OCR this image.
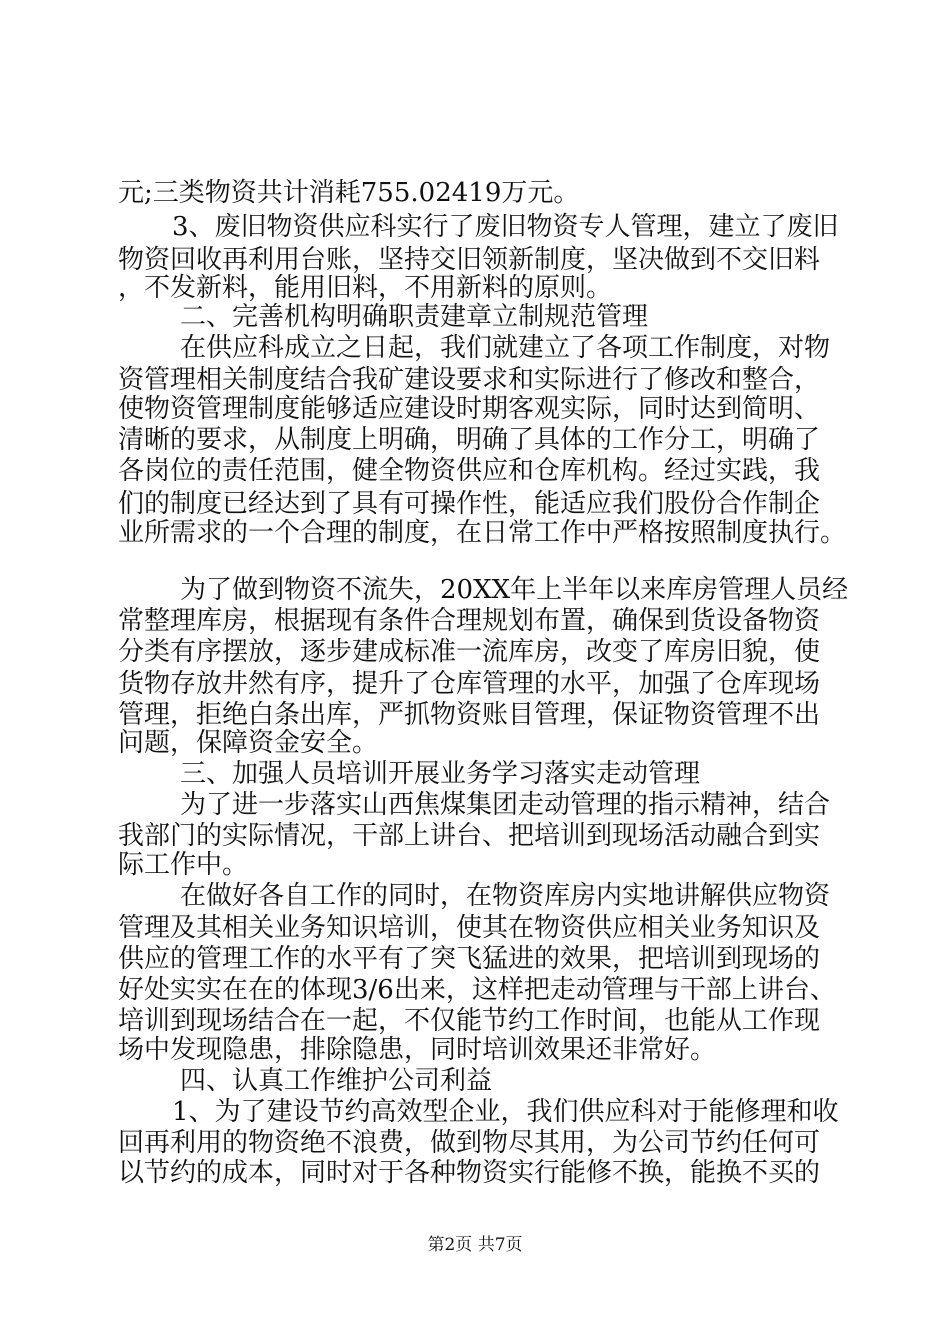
元;三类物资共计消耗755.02419万元。
3、废旧物资供应科实行了废旧物资专人管理，建立了废旧
物资回收再利用台账，坚持交旧领新制度，坚决做到不交旧料
，不发新料，能用旧料，不用新料的原则。
二、完善机构明确职责建章立制规范管理
在供应科成立之日起，我们就建立了各项工作制度，对物
资管理相关制度结合我矿建设要求和实际进行了修改和整合，
使物资管理制度能够适应建设时期客观实际，同时达到简明、
清晰的要求，从制度上明确，明确了具体的工作分工，明确了
各岗位的责任范围，健全物资供应和仓库机构。经过实践，我
们的制度已经达到了具有可操作性，能适应我们股份合作制企
业所需求的一个合理的制度，在日常工作中严格按照制度执行。
为了做到物资不流失，20XX年上半年以来库房管理人员经
常整理库房，根据现有条件合理规划布置，确保到货设备物资
分类有序摆放，逐步建成标准一流库房，改变了库房旧貌，使
货物存放井然有序，提升了仓库管理的水平，加强了仓库现场
管理，拒绝白条出库，严抓物资账目管理，保证物资管理不出
问题，保障资金安全。
三、加强人员培训开展业务学习落实走动管理
为了进一步落实山西焦煤集团走动管理的指示精神，结合
我部门的实际情况，干部上讲台、把培训到现场活动融合到实
际工作中。
在做好各自工作的同时，在物资库房内实地讲解供应物资
管理及其相关业务知识培训，使其在物资供应相关业务知识及
供应的管理工作的水平有了突飞猛进的效果，把培训到现场的
好处实实在在的体现3/6出来，这样把走动管理与干部上讲台、
培训到现场结合在一起，不仅能节约工作时间，也能从工作现
场中发现隐患，排除隐患，同时培训效果还非常好。
四、认真工作维护公司利益
1、为了建设节约高效型企业，我们供应科对于能修理和收
回再利用的物资绝不浪费，做到物尽其用，为公司节约任何可
以节约的成本，同时对于各种物资实行能修不换，能换不买的
第2页 共7页
